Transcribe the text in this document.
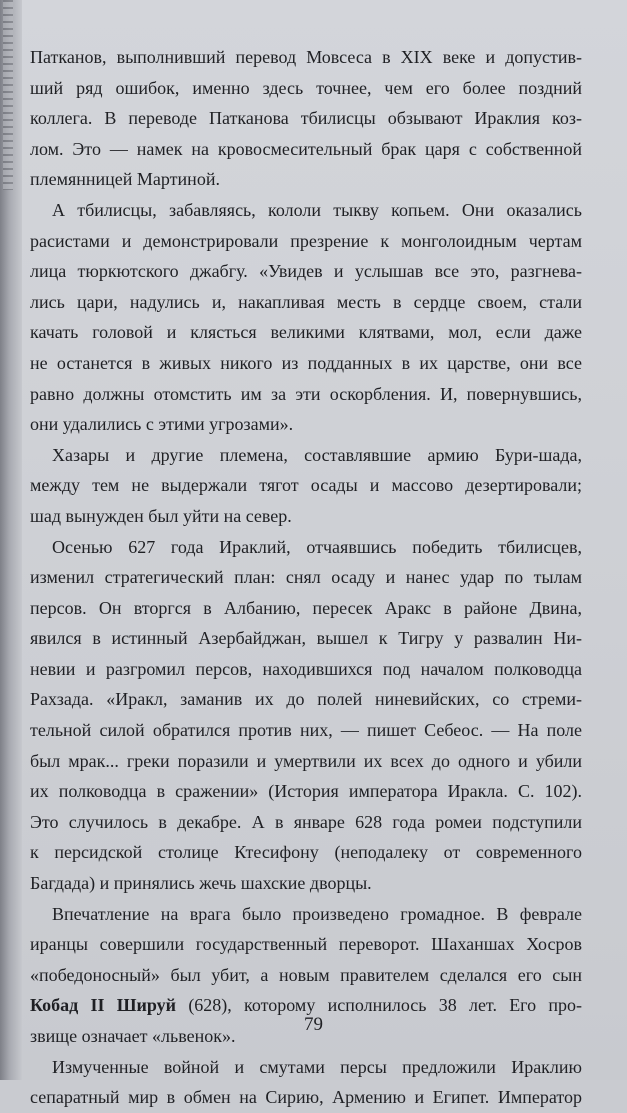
Патканов, выполнивший перевод Мовсеса в XIX веке и допустив-
ший ряд ошибок, именно здесь точнее, чем его более поздний
коллега. В переводе Патканова тбилисцы обзывают Ираклия коз-
лом. Это — намек на кровосмесительный брак царя с собственной
племянницей Мартиной.
А тбилисцы, забавляясь, кололи тыкву копьем. Они оказались
расистами и демонстрировали презрение к монголоидным чертам
лица тюркютского джабгу. «Увидев и услышав все это, разгнева-
лись цари, надулись и, накапливая месть в сердце своем, стали
качать головой и клясться великими клятвами, мол, если даже
не останется в живых никого из подданных в их царстве, они все
равно должны отомстить им за эти оскорбления. И, повернувшись,
они удалились с этими угрозами».
Хазары и другие племена, составлявшие армию Бури-шада,
между тем не выдержали тягот осады и массово дезертировали;
шад вынужден был уйти на север.
Осенью 627 года Ираклий, отчаявшись победить тбилисцев,
изменил стратегический план: снял осаду и нанес удар по тылам
персов. Он вторгся в Албанию, пересек Аракс в районе Двина,
явился в истинный Азербайджан, вышел к Тигру у развалин Ни-
невии и разгромил персов, находившихся под началом полководца
Рахзада. «Иракл, заманив их до полей ниневийских, со стреми-
тельной силой обратился против них, — пишет Себеос. — На поле
был мрак... греки поразили и умертвили их всех до одного и убили
их полководца в сражении» (История императора Иракла. С. 102).
Это случилось в декабре. А в январе 628 года ромеи подступили
к персидской столице Ктесифону (неподалеку от современного
Багдада) и принялись жечь шахские дворцы.
Впечатление на врага было произведено громадное. В феврале
иранцы совершили государственный переворот. Шаханшах Хосров
«победоносный» был убит, а новым правителем сделался его сын
Кобад II Шируй (628), которому исполнилось 38 лет. Его про-
звище означает «львенок».
Измученные войной и смутами персы предложили Ираклию
сепаратный мир в обмен на Сирию, Армению и Египет. Император
79
